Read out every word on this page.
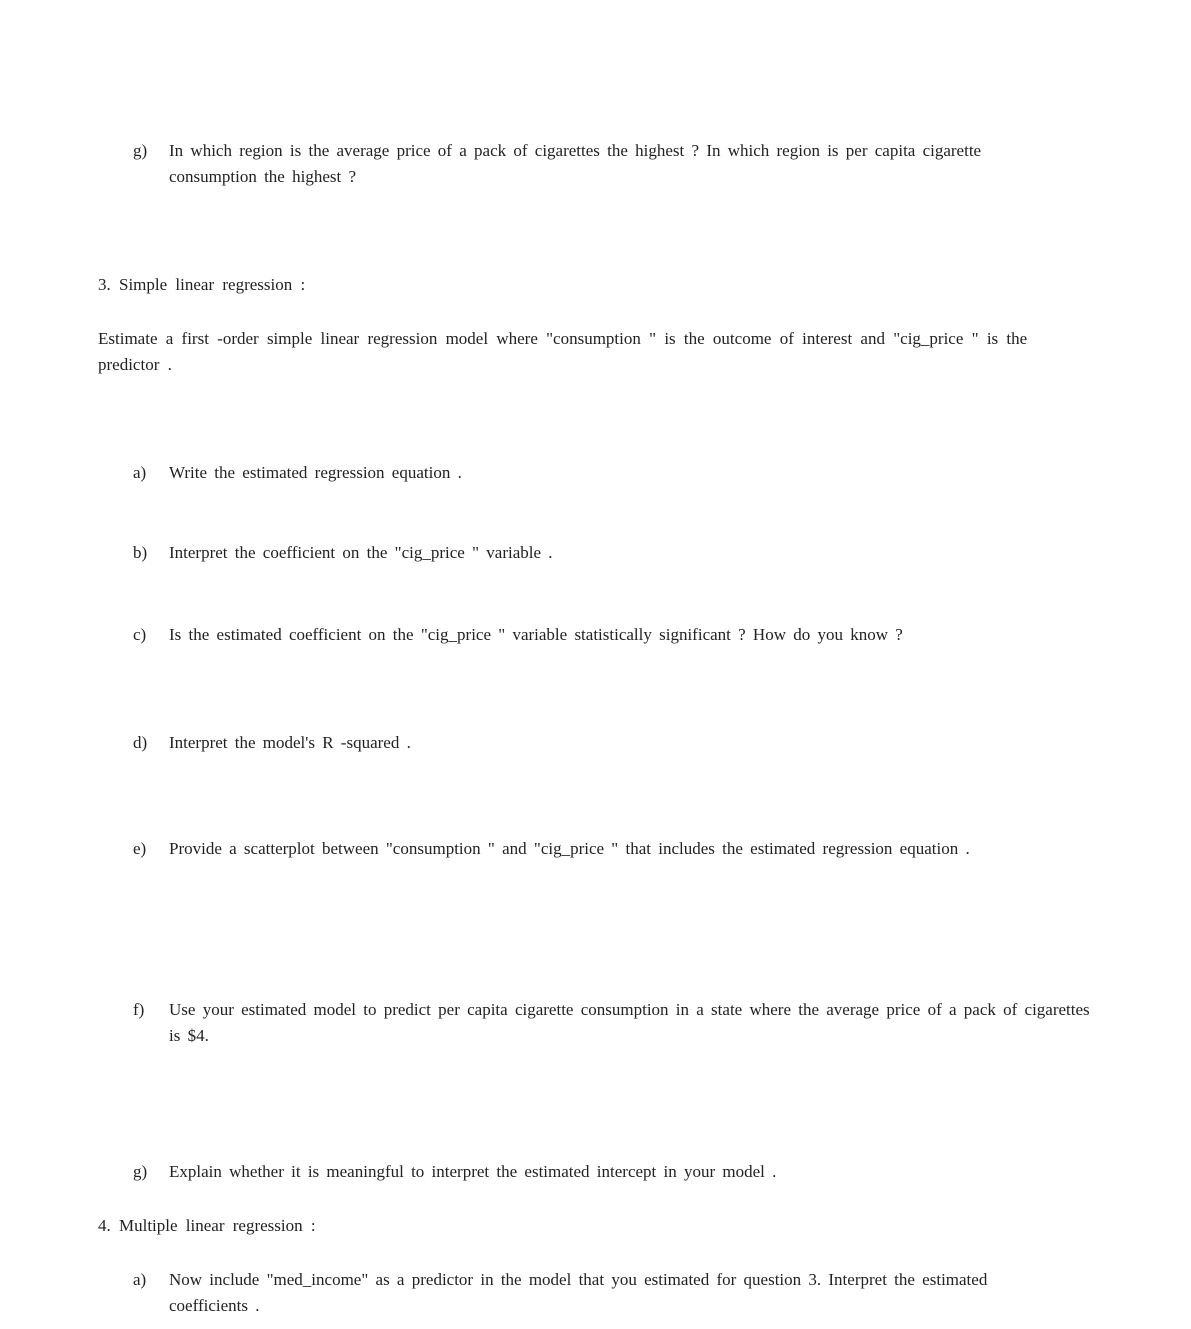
g)	In which region is the average price of a pack of cigarettes the highest ? In which region is per capita cigarette consumption the highest ?
3. Simple linear regression :
Estimate a first -order simple linear regression model where "consumption " is the outcome of interest and "cig_price " is the predictor .
a)	Write the estimated regression equation .
b)	Interpret the coefficient on the "cig_price " variable .
c)	Is the estimated coefficient on the "cig_price " variable statistically significant ? How do you know ?
d)	Interpret the model's R -squared .
e)	Provide a scatterplot between "consumption " and "cig_price " that includes the estimated regression equation .
f)	Use your estimated model to predict per capita cigarette consumption in a state where the average price of a pack of cigarettes is $4.
g)	Explain whether it is meaningful to interpret the estimated intercept in your model .
4. Multiple linear regression :
a)	Now include "med_income" as a predictor in the model that you estimated for question 3. Interpret the estimated coefficients .
